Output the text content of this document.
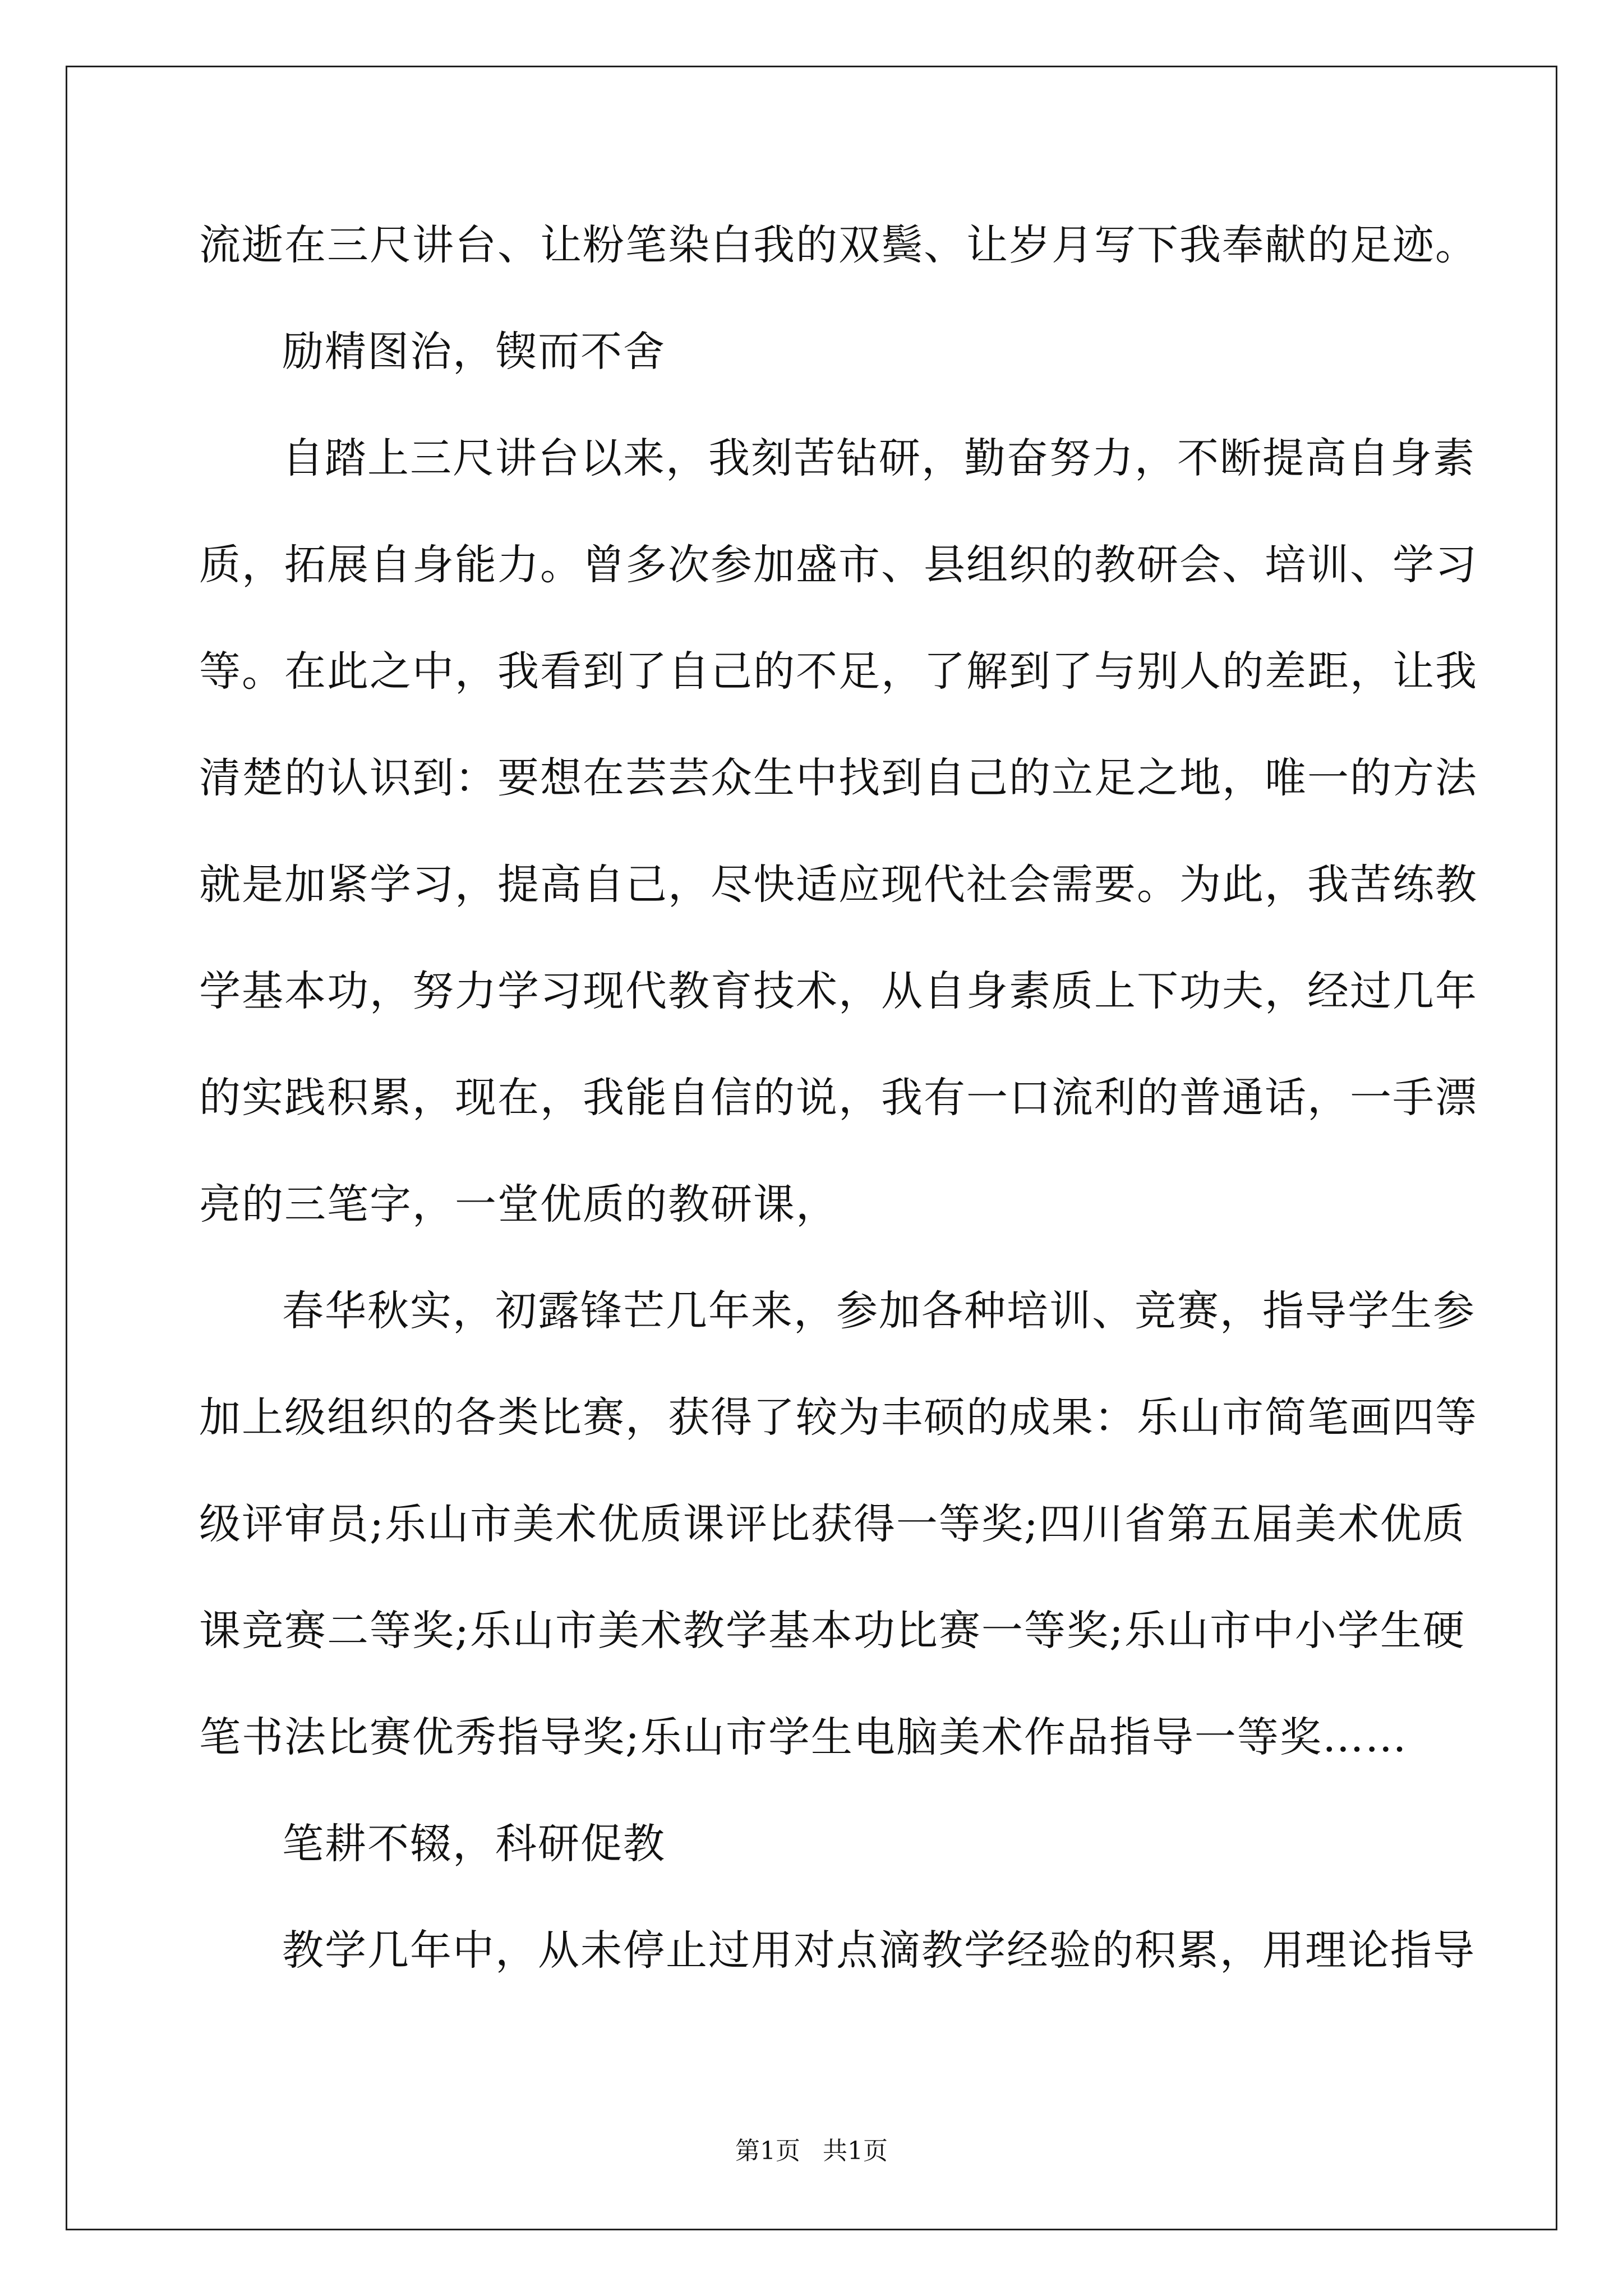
流逝在三尺讲台、让粉笔染白我的双鬓、让岁月写下我奉献的足迹。
励精图治，锲而不舍
自踏上三尺讲台以来，我刻苦钻研，勤奋努力，不断提高自身素
质，拓展自身能力。曾多次参加盛市、县组织的教研会、培训、学习
等。在此之中，我看到了自己的不足，了解到了与别人的差距，让我
清楚的认识到：要想在芸芸众生中找到自己的立足之地，唯一的方法
就是加紧学习，提高自己，尽快适应现代社会需要。为此，我苦练教
学基本功，努力学习现代教育技术，从自身素质上下功夫，经过几年
的实践积累，现在，我能自信的说，我有一口流利的普通话，一手漂
亮的三笔字，一堂优质的教研课，
春华秋实，初露锋芒几年来，参加各种培训、竞赛，指导学生参
加上级组织的各类比赛，获得了较为丰硕的成果：乐山市简笔画四等
级评审员;乐山市美术优质课评比获得一等奖;四川省第五届美术优质
课竞赛二等奖;乐山市美术教学基本功比赛一等奖;乐山市中小学生硬
笔书法比赛优秀指导奖;乐山市学生电脑美术作品指导一等奖……
笔耕不辍，科研促教
教学几年中，从未停止过用对点滴教学经验的积累，用理论指导
第1页 共1页
